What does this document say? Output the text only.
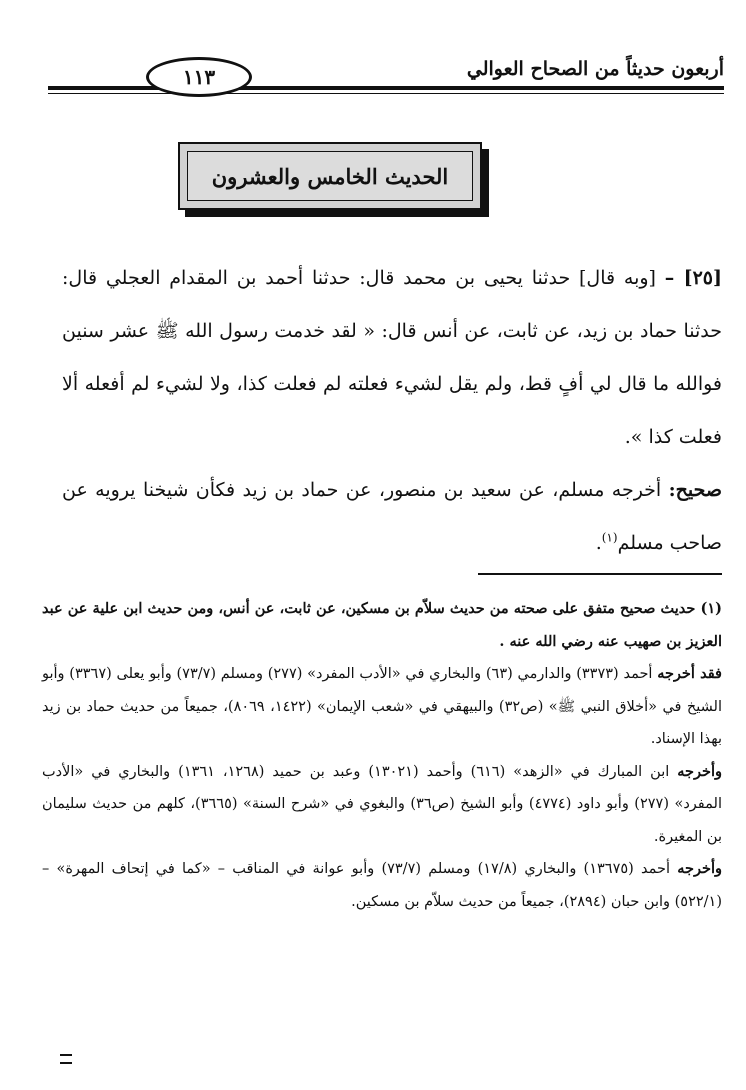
أربعون حديثاً من الصحاح العوالي
١١٣
الحديث الخامس والعشرون

[٢٥] – [وبه قال] حدثنا يحيى بن محمد قال: حدثنا أحمد بن المقدام العجلي قال: حدثنا حماد بن زيد، عن ثابت، عن أنس قال: « لقد خدمت رسول الله ﷺ عشر سنين فوالله ما قال لي أفٍ قط، ولم يقل لشيء فعلته لم فعلت كذا، ولا لشيء لم أفعله ألا فعلت كذا ».

صحيح: أخرجه مسلم، عن سعيد بن منصور، عن حماد بن زيد فكأن شيخنا يرويه عن صاحب مسلم$^{(١)}$.

(١) حديث صحيح متفق على صحته من حديث سلاّم بن مسكين، عن ثابت، عن أنس، ومن حديث ابن علية عن عبد العزيز بن صهيب عنه رضي الله عنه .

فقد أخرجه أحمد (٣٣٧٣) والدارمي (٦٣) والبخاري في «الأدب المفرد» (٢٧٧) ومسلم (٧٣/٧) وأبو يعلى (٣٣٦٧) وأبو الشيخ في «أخلاق النبي ﷺ» (ص٣٢) والبيهقي في «شعب الإيمان» (١٤٢٢، ٨٠٦٩)، جميعاً من حديث حماد بن زيد بهذا الإسناد.

وأخرجه ابن المبارك في «الزهد» (٦١٦) وأحمد (١٣٠٢١) وعبد بن حميد (١٢٦٨، ١٣٦١) والبخاري في «الأدب المفرد» (٢٧٧) وأبو داود (٤٧٧٤) وأبو الشيخ (ص٣٦) والبغوي في «شرح السنة» (٣٦٦٥)، كلهم من حديث سليمان بن المغيرة.

وأخرجه أحمد (١٣٦٧٥) والبخاري (١٧/٨) ومسلم (٧٣/٧) وأبو عوانة في المناقب – «كما في إتحاف المهرة» – (٥٢٢/١) وابن حبان (٢٨٩٤)، جميعاً من حديث سلاّم بن مسكين.
